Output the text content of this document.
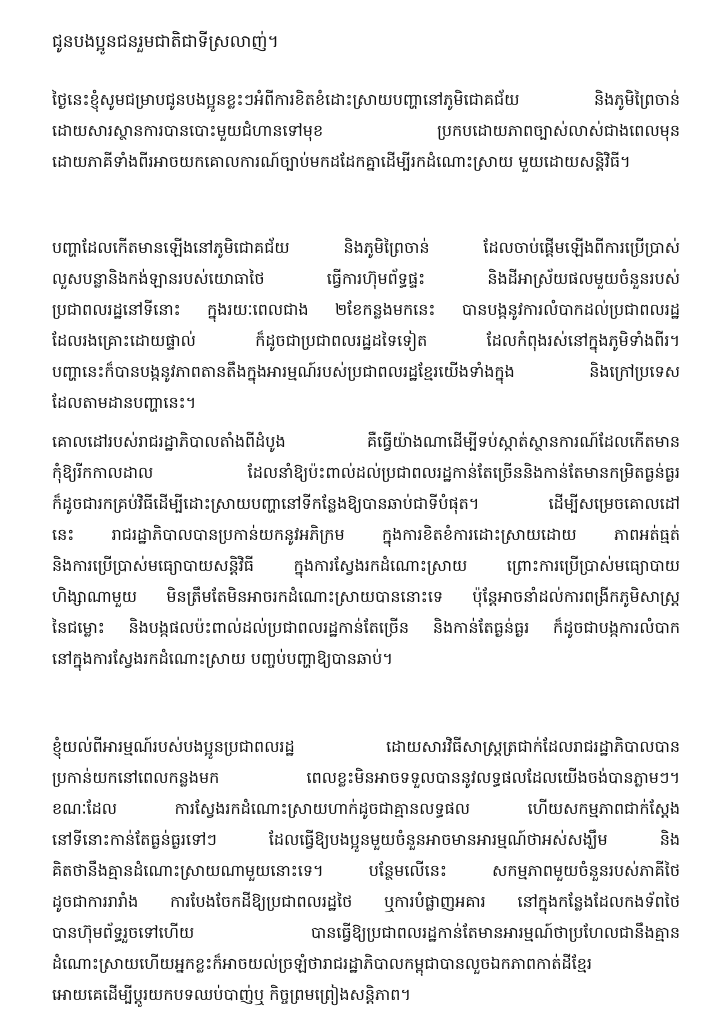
ជូនបងប្អូនជនរួមជាតិជាទីស្រលាញ់។
ថ្ងៃនេះខ្ញុំសូមជម្រាបជូនបងប្អូនខ្លះៗអំពីការខិតខំដោះស្រាយបញ្ហានៅភូមិជោគជ័យ និងភូមិព្រៃចាន់
ដោយសារស្ថានការបានបោះមួយជំហានទៅមុខ ប្រកបដោយភាពច្បាស់លាស់ជាងពេលមុន
ដោយភាគីទាំងពីរអាចយកគោលការណ៍ច្បាប់មកដដែកគ្នាដើម្បីរកដំណោះស្រាយ មួយដោយសន្តិវិធី។
បញ្ហាដែលកើតមានឡើងនៅភូមិជោគជ័យ និងភូមិព្រៃចាន់ ដែលចាប់ផ្តើមឡើងពីការប្រើប្រាស់
លួសបន្លានិងកង់ឡានរបស់យោធាថៃ ធ្វើការហ៊ុមព័ទ្ធផ្ទះ និងដីអាស្រ័យផលមួយចំនួនរបស់
ប្រជាពលរដ្ឋនៅទីនោះ ក្នុងរយៈពេលជាង ២ខែកន្លងមកនេះ បានបង្កនូវការលំបាកដល់ប្រជាពលរដ្ឋ
ដែលរងគ្រោះដោយផ្ទាល់ ក៏ដូចជាប្រជាពលរដ្ឋដទៃទៀត ដែលកំពុងរស់នៅក្នុងភូមិទាំងពីរ។
បញ្ហានេះក៏បានបង្កនូវភាពតានតឹងក្នុងអារម្មណ៍របស់ប្រជាពលរដ្ឋខ្មែរយើងទាំងក្នុង និងក្រៅប្រទេស
ដែលតាមដានបញ្ហានេះ។
គោលដៅរបស់រាជរដ្ឋាភិបាលតាំងពីដំបូង គឺធ្វើយ៉ាងណាដើម្បីទប់ស្កាត់ស្ថានការណ៍ដែលកើតមាន
កុំឱ្យរីកកាលដាល ដែលនាំឱ្យប៉ះពាល់ដល់ប្រជាពលរដ្ឋកាន់តែច្រើននិងកាន់តែមានកម្រិតធ្ងន់ធ្ងរ
ក៏ដូចជារកគ្រប់វិធីដើម្បីដោះស្រាយបញ្ហានៅទីកន្លែងឱ្យបានឆាប់ជាទីបំផុត។ ដើម្បីសម្រេចគោលដៅ
នេះ រាជរដ្ឋាភិបាលបានប្រកាន់យកនូវអភិក្រម ក្នុងការខិតខំការដោះស្រាយដោយ ភាពអត់ធ្មត់
និងការប្រើប្រាស់មធ្យោបាយសន្តិវិធី ក្នុងការស្វែងរកដំណោះស្រាយ ព្រោះការប្រើប្រាស់មធ្យោបាយ
ហិង្សាណាមួយ មិនត្រឹមតែមិនអាចរកដំណោះស្រាយបាននោះទេ ប៉ុន្តែអាចនាំដល់ការពង្រីកភូមិសាស្ត្រ
នៃជម្លោះ និងបង្កផលប៉ះពាល់ដល់ប្រជាពលរដ្ឋកាន់តែច្រើន និងកាន់តែធ្ងន់ធ្ងរ ក៏ដូចជាបង្កការលំបាក
នៅក្នុងការស្វែងរកដំណោះស្រាយ បញ្ចប់បញ្ហាឱ្យបានឆាប់។
ខ្ញុំយល់ពីអារម្មណ៍របស់បងប្អូនប្រជាពលរដ្ឋ ដោយសារវិធីសាស្ត្រត្រជាក់ដែលរាជរដ្ឋាភិបាលបាន
ប្រកាន់យកនៅពេលកន្លងមក ពេលខ្លះមិនអាចទទួលបាននូវលទ្ធផលដែលយើងចង់បានភ្លាមៗ។
ខណៈដែល ការស្វែងរកដំណោះស្រាយហាក់ដូចជាគ្មានលទ្ធផល ហើយសកម្មភាពជាក់ស្តែង
នៅទីនោះកាន់តែធ្ងន់ធ្ងរទៅៗ ដែលធ្វើឱ្យបងប្អូនមួយចំនួនអាចមានអារម្មណ៍ថាអស់សង្ឃឹម និង
គិតថានឹងគ្មានដំណោះស្រាយណាមួយនោះទេ។ បន្ថែមលើនេះ សកម្មភាពមួយចំនួនរបស់ភាគីថៃ
ដូចជាការរារាំង ការបែងចែកដីឱ្យប្រជាពលរដ្ឋថៃ ឬការបំផ្លាញអគារ នៅក្នុងកន្លែងដែលកងទ័ពថៃ
បានហ៊ុមព័ទ្ធរួចទៅហើយ បានធ្វើឱ្យប្រជាពលរដ្ឋកាន់តែមានអារម្មណ៍ថាប្រហែលជានឹងគ្មាន
ដំណោះស្រាយហើយអ្នកខ្លះក៏អាចយល់ច្រឡំថារាជរដ្ឋាភិបាលកម្ពុជាបានលួចឯកភាពកាត់ដីខ្មែរ
អោយគេដើម្បីប្តូរយកបទឈប់បាញ់ឬ កិច្ចព្រមព្រៀងសន្តិភាព។
